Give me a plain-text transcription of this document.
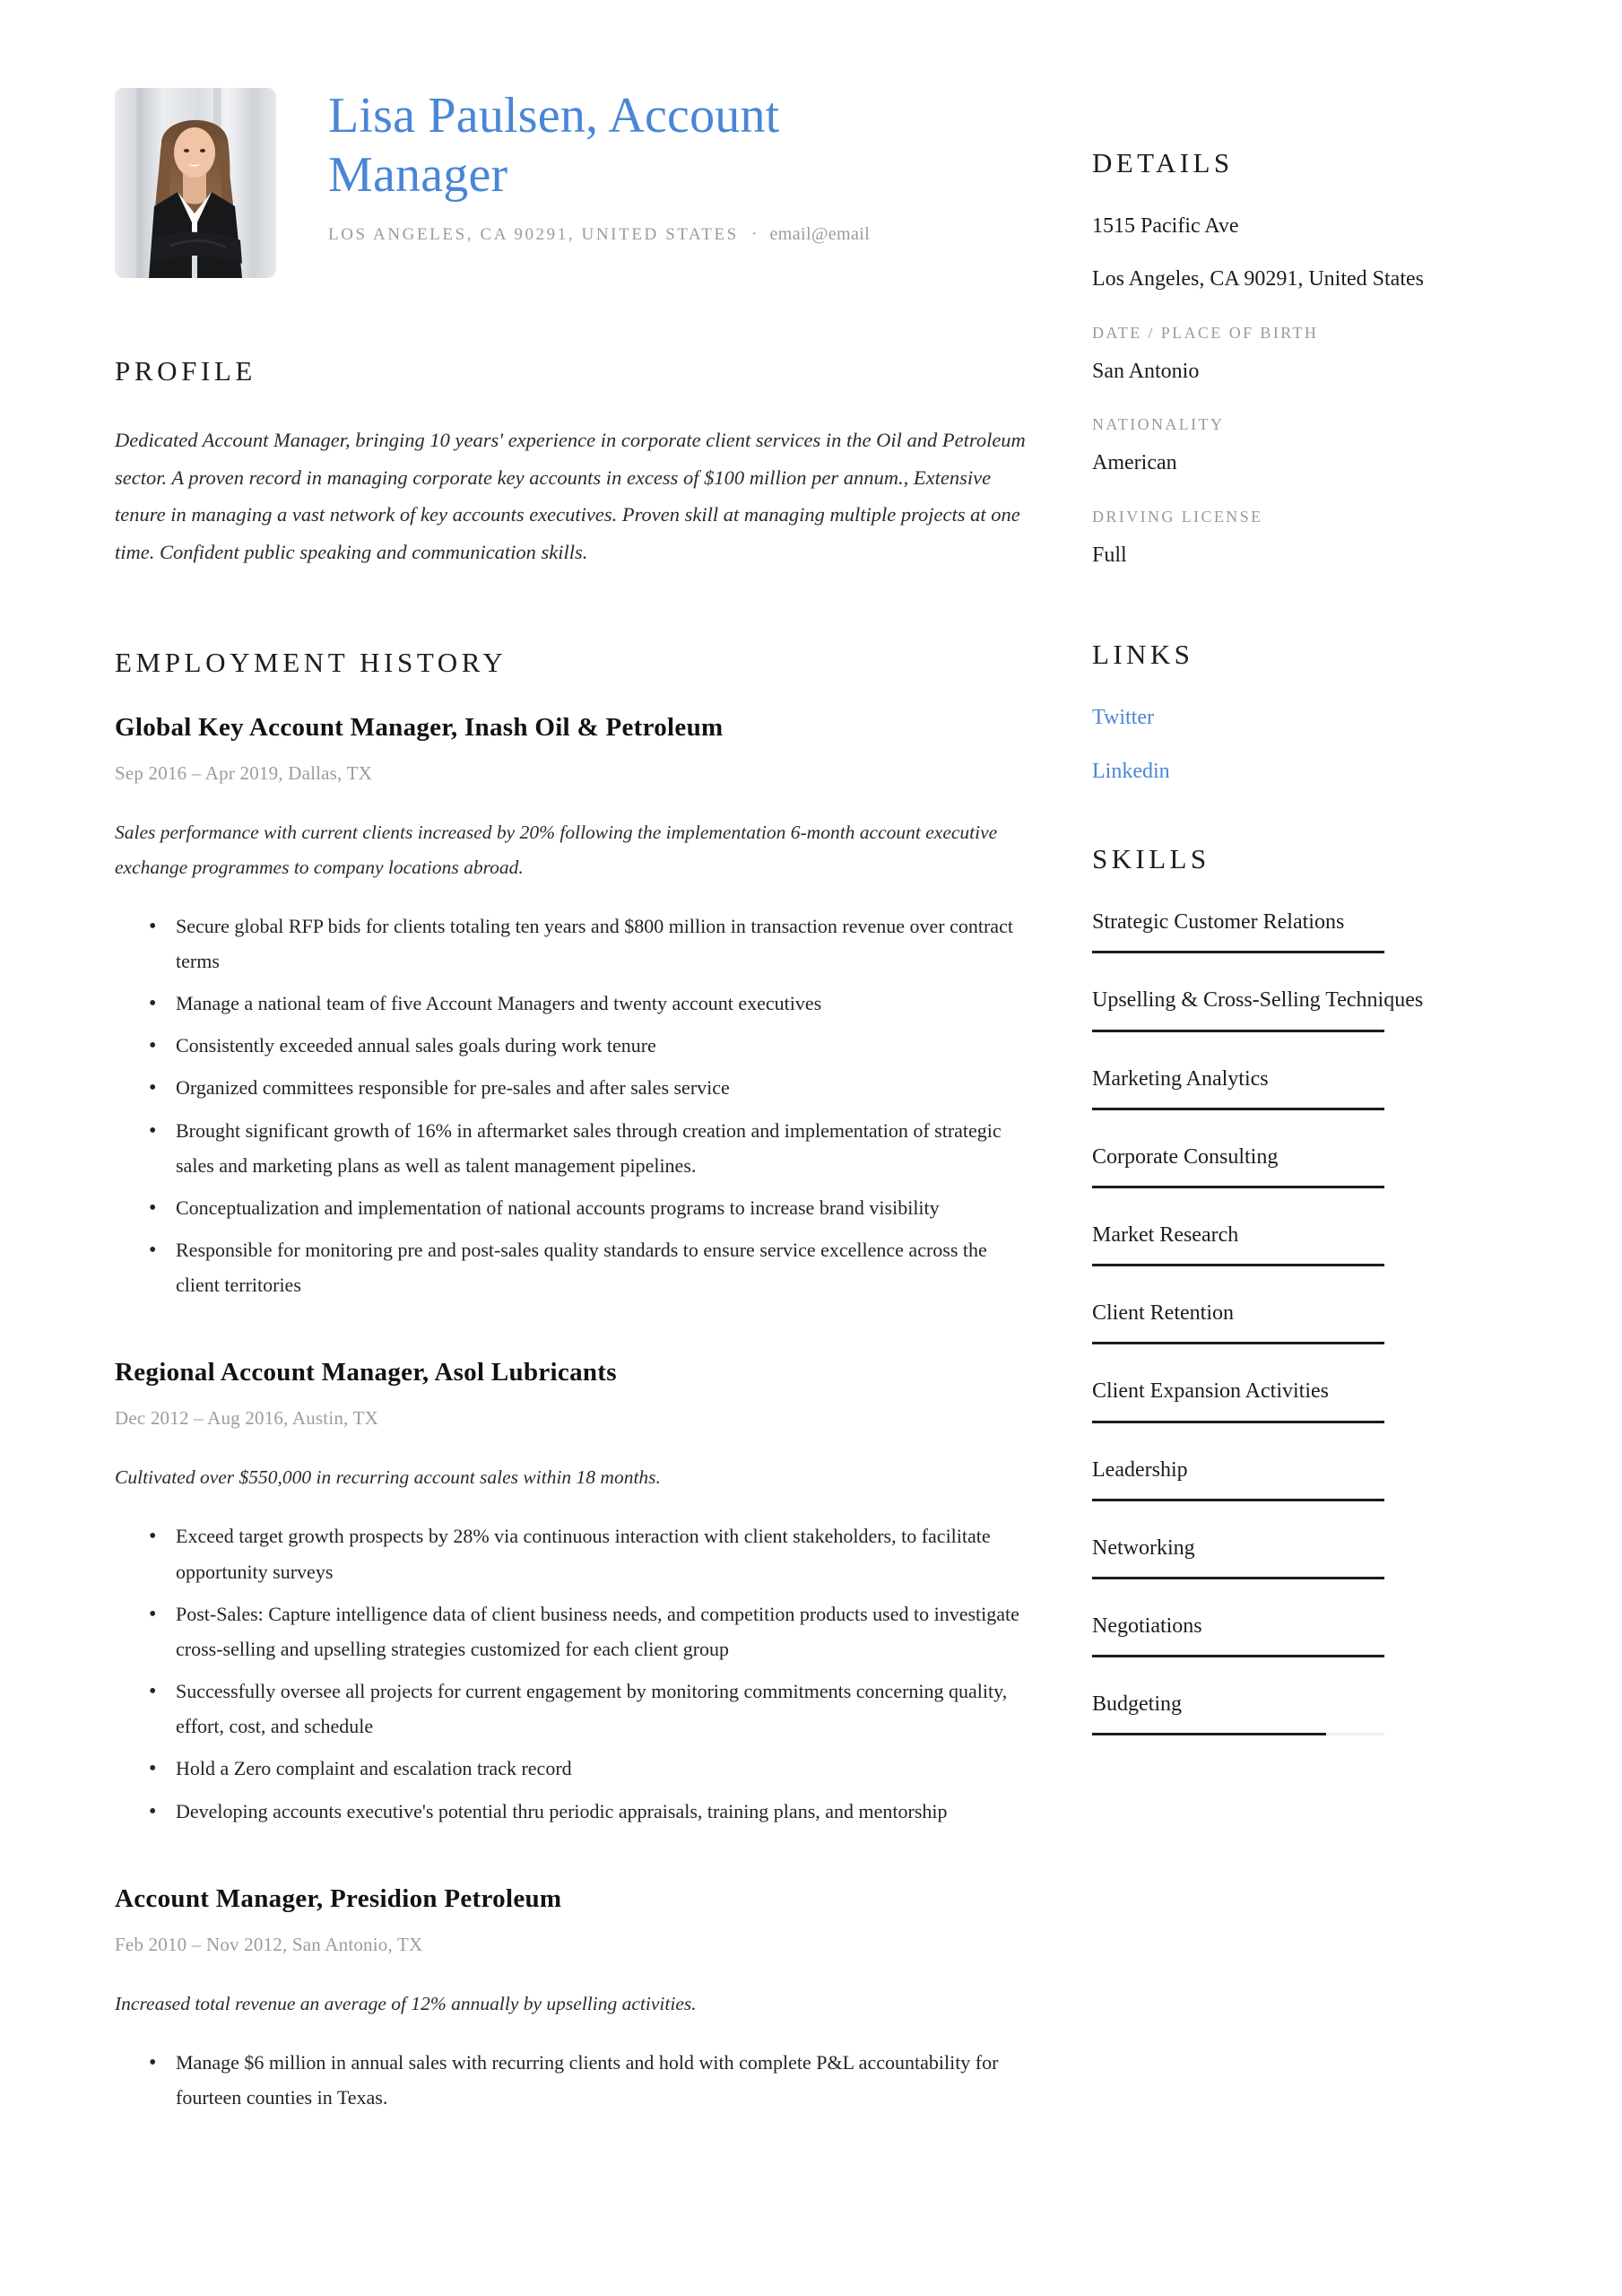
Lisa Paulsen, Account Manager
LOS ANGELES, CA 90291, UNITED STATES · email@email
PROFILE
Dedicated Account Manager, bringing 10 years' experience in corporate client services in the Oil and Petroleum sector. A proven record in managing corporate key accounts in excess of $100 million per annum., Extensive tenure in managing a vast network of key accounts executives. Proven skill at managing multiple projects at one time. Confident public speaking and communication skills.
EMPLOYMENT HISTORY
Global Key Account Manager, Inash Oil & Petroleum
Sep 2016 – Apr 2019, Dallas, TX
Sales performance with current clients increased by 20% following the implementation 6-month account executive exchange programmes to company locations abroad.
• Secure global RFP bids for clients totaling ten years and $800 million in transaction revenue over contract terms
• Manage a national team of five Account Managers and twenty account executives
• Consistently exceeded annual sales goals during work tenure
• Organized committees responsible for pre-sales and after sales service
• Brought significant growth of 16% in aftermarket sales through creation and implementation of strategic sales and marketing plans as well as talent management pipelines.
• Conceptualization and implementation of national accounts programs to increase brand visibility
• Responsible for monitoring pre and post-sales quality standards to ensure service excellence across the client territories
Regional Account Manager, Asol Lubricants
Dec 2012 – Aug 2016, Austin, TX
Cultivated over $550,000 in recurring account sales within 18 months.
• Exceed target growth prospects by 28% via continuous interaction with client stakeholders, to facilitate opportunity surveys
• Post-Sales: Capture intelligence data of client business needs, and competition products used to investigate cross-selling and upselling strategies customized for each client group
• Successfully oversee all projects for current engagement by monitoring commitments concerning quality, effort, cost, and schedule
• Hold a Zero complaint and escalation track record
• Developing accounts executive's potential thru periodic appraisals, training plans, and mentorship
Account Manager, Presidion Petroleum
Feb 2010 – Nov 2012, San Antonio, TX
Increased total revenue an average of 12% annually by upselling activities.
• Manage $6 million in annual sales with recurring clients and hold with complete P&L accountability for fourteen counties in Texas.
DETAILS
1515 Pacific Ave
Los Angeles, CA 90291, United States
DATE / PLACE OF BIRTH
San Antonio
NATIONALITY
American
DRIVING LICENSE
Full
LINKS
Twitter
Linkedin
SKILLS
Strategic Customer Relations
Upselling & Cross-Selling Techniques
Marketing Analytics
Corporate Consulting
Market Research
Client Retention
Client Expansion Activities
Leadership
Networking
Negotiations
Budgeting
